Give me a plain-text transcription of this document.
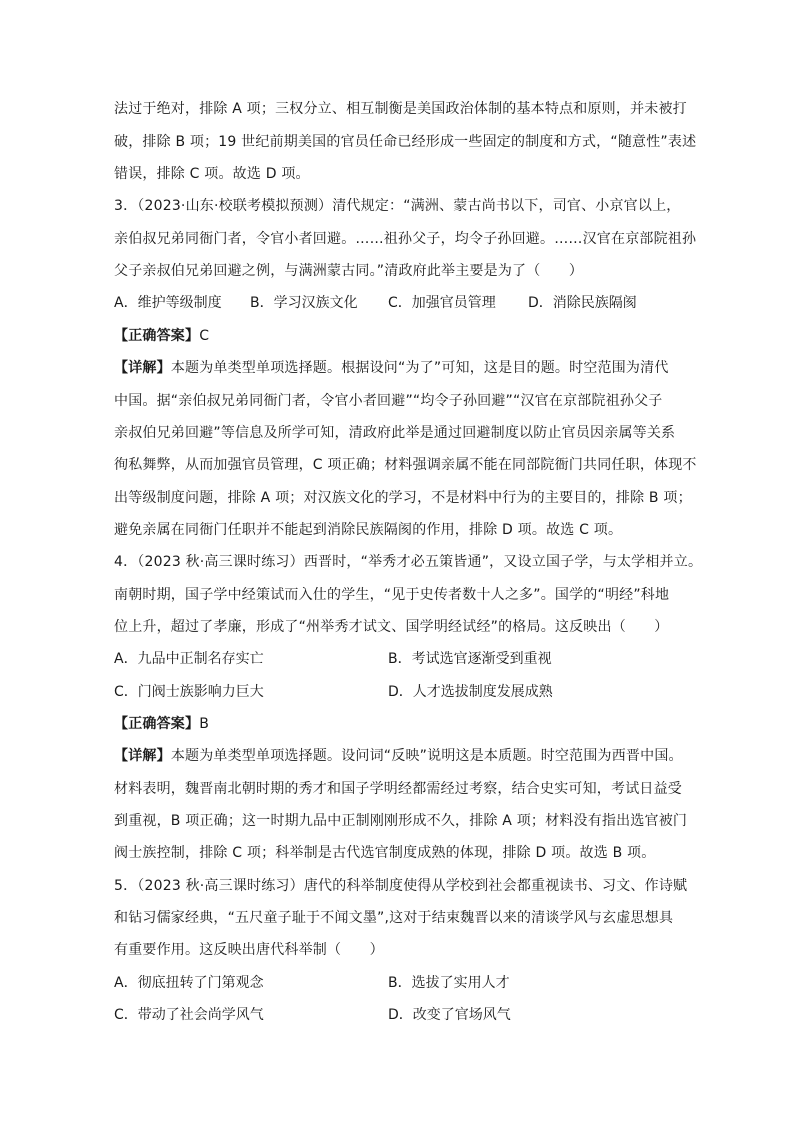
法过于绝对，排除 A 项；三权分立、相互制衡是美国政治体制的基本特点和原则，并未被打
破，排除 B 项；19 世纪前期美国的官员任命已经形成一些固定的制度和方式，“随意性”表述
错误，排除 C 项。故选 D 项。
3．（2023·山东·校联考模拟预测）清代规定：“满洲、蒙古尚书以下，司官、小京官以上，
亲伯叔兄弟同衙门者，令官小者回避。……祖孙父子，均令子孙回避。……汉官在京部院祖孙
父子亲叔伯兄弟回避之例，与满洲蒙古同。”清政府此举主要是为了（　　）
A．维护等级制度 B．学习汉族文化 C．加强官员管理 D．消除民族隔阂
【正确答案】C
【详解】本题为单类型单项选择题。根据设问“为了”可知，这是目的题。时空范围为清代
中国。据“亲伯叔兄弟同衙门者，令官小者回避”“均令子孙回避”“汉官在京部院祖孙父子
亲叔伯兄弟回避”等信息及所学可知，清政府此举是通过回避制度以防止官员因亲属等关系
徇私舞弊，从而加强官员管理，C 项正确；材料强调亲属不能在同部院衙门共同任职，体现不
出等级制度问题，排除 A 项；对汉族文化的学习，不是材料中行为的主要目的，排除 B 项；
避免亲属在同衙门任职并不能起到消除民族隔阂的作用，排除 D 项。故选 C 项。
4．（2023 秋·高三课时练习）西晋时，“举秀才必五策皆通”，又设立国子学，与太学相并立。
南朝时期，国子学中经策试而入仕的学生，“见于史传者数十人之多”。国学的“明经”科地
位上升，超过了孝廉，形成了“州举秀才试文、国学明经试经”的格局。这反映出（　　）
A．九品中正制名存实亡	B．考试选官逐渐受到重视
C．门阀士族影响力巨大	D．人才选拔制度发展成熟
【正确答案】B
【详解】本题为单类型单项选择题。设问词“反映”说明这是本质题。时空范围为西晋中国。
材料表明，魏晋南北朝时期的秀才和国子学明经都需经过考察，结合史实可知，考试日益受
到重视，B 项正确；这一时期九品中正制刚刚形成不久，排除 A 项；材料没有指出选官被门
阀士族控制，排除 C 项；科举制是古代选官制度成熟的体现，排除 D 项。故选 B 项。
5．（2023 秋·高三课时练习）唐代的科举制度使得从学校到社会都重视读书、习文、作诗赋
和钻习儒家经典，“五尺童子耻于不闻文墨”,这对于结束魏晋以来的清谈学风与玄虚思想具
有重要作用。这反映出唐代科举制（　　）
A．彻底扭转了门第观念	B．选拔了实用人才
C．带动了社会尚学风气	D．改变了官场风气
